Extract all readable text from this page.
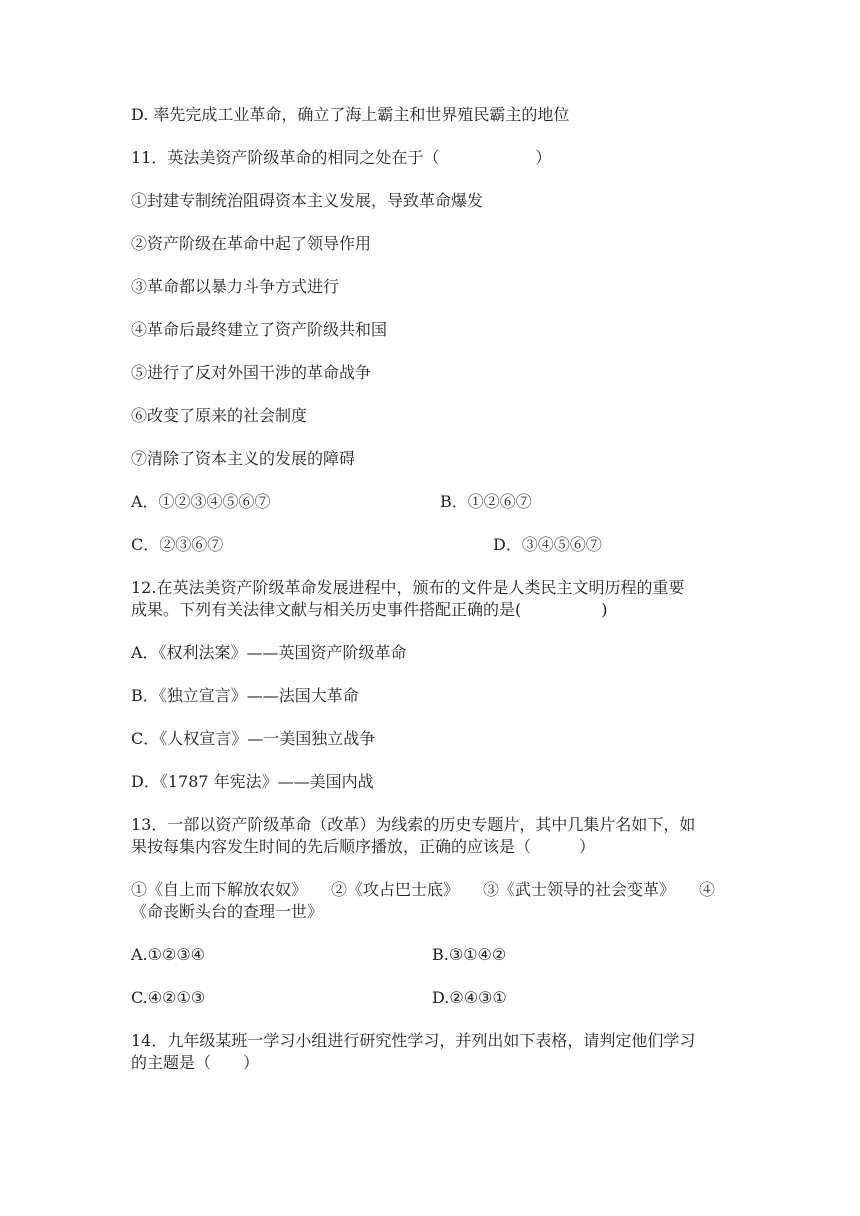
D. 率先完成工业革命，确立了海上霸主和世界殖民霸主的地位
11．英法美资产阶级革命的相同之处在于（　　　　　　）
①封建专制统治阻碍资本主义发展，导致革命爆发
②资产阶级在革命中起了领导作用
③革命都以暴力斗争方式进行
④革命后最终建立了资产阶级共和国
⑤进行了反对外国干涉的革命战争
⑥改变了原来的社会制度
⑦清除了资本主义的发展的障碍
A．①②③④⑤⑥⑦	B．①②⑥⑦
C．②③⑥⑦	D．③④⑤⑥⑦
12.在英法美资产阶级革命发展进程中，颁布的文件是人类民主文明历程的重要
成果。下列有关法律文献与相关历史事件搭配正确的是(　　　　　)
A．《权利法案》——英国资产阶级革命
B．《独立宣言》——法国大革命
C．《人权宣言》—一美国独立战争
D．《1787 年宪法》——美国内战
13．一部以资产阶级革命（改革）为线索的历史专题片，其中几集片名如下，如
果按每集内容发生时间的先后顺序播放，正确的应该是（　　　）
①《自上而下解放农奴》　　②《攻占巴士底》　　③《武士领导的社会变革》　　④
《命丧断头台的查理一世》
A.①②③④	B.③①④②
C.④②①③	D.②④③①
14．九年级某班一学习小组进行研究性学习，并列出如下表格，请判定他们学习
的主题是（　　）
